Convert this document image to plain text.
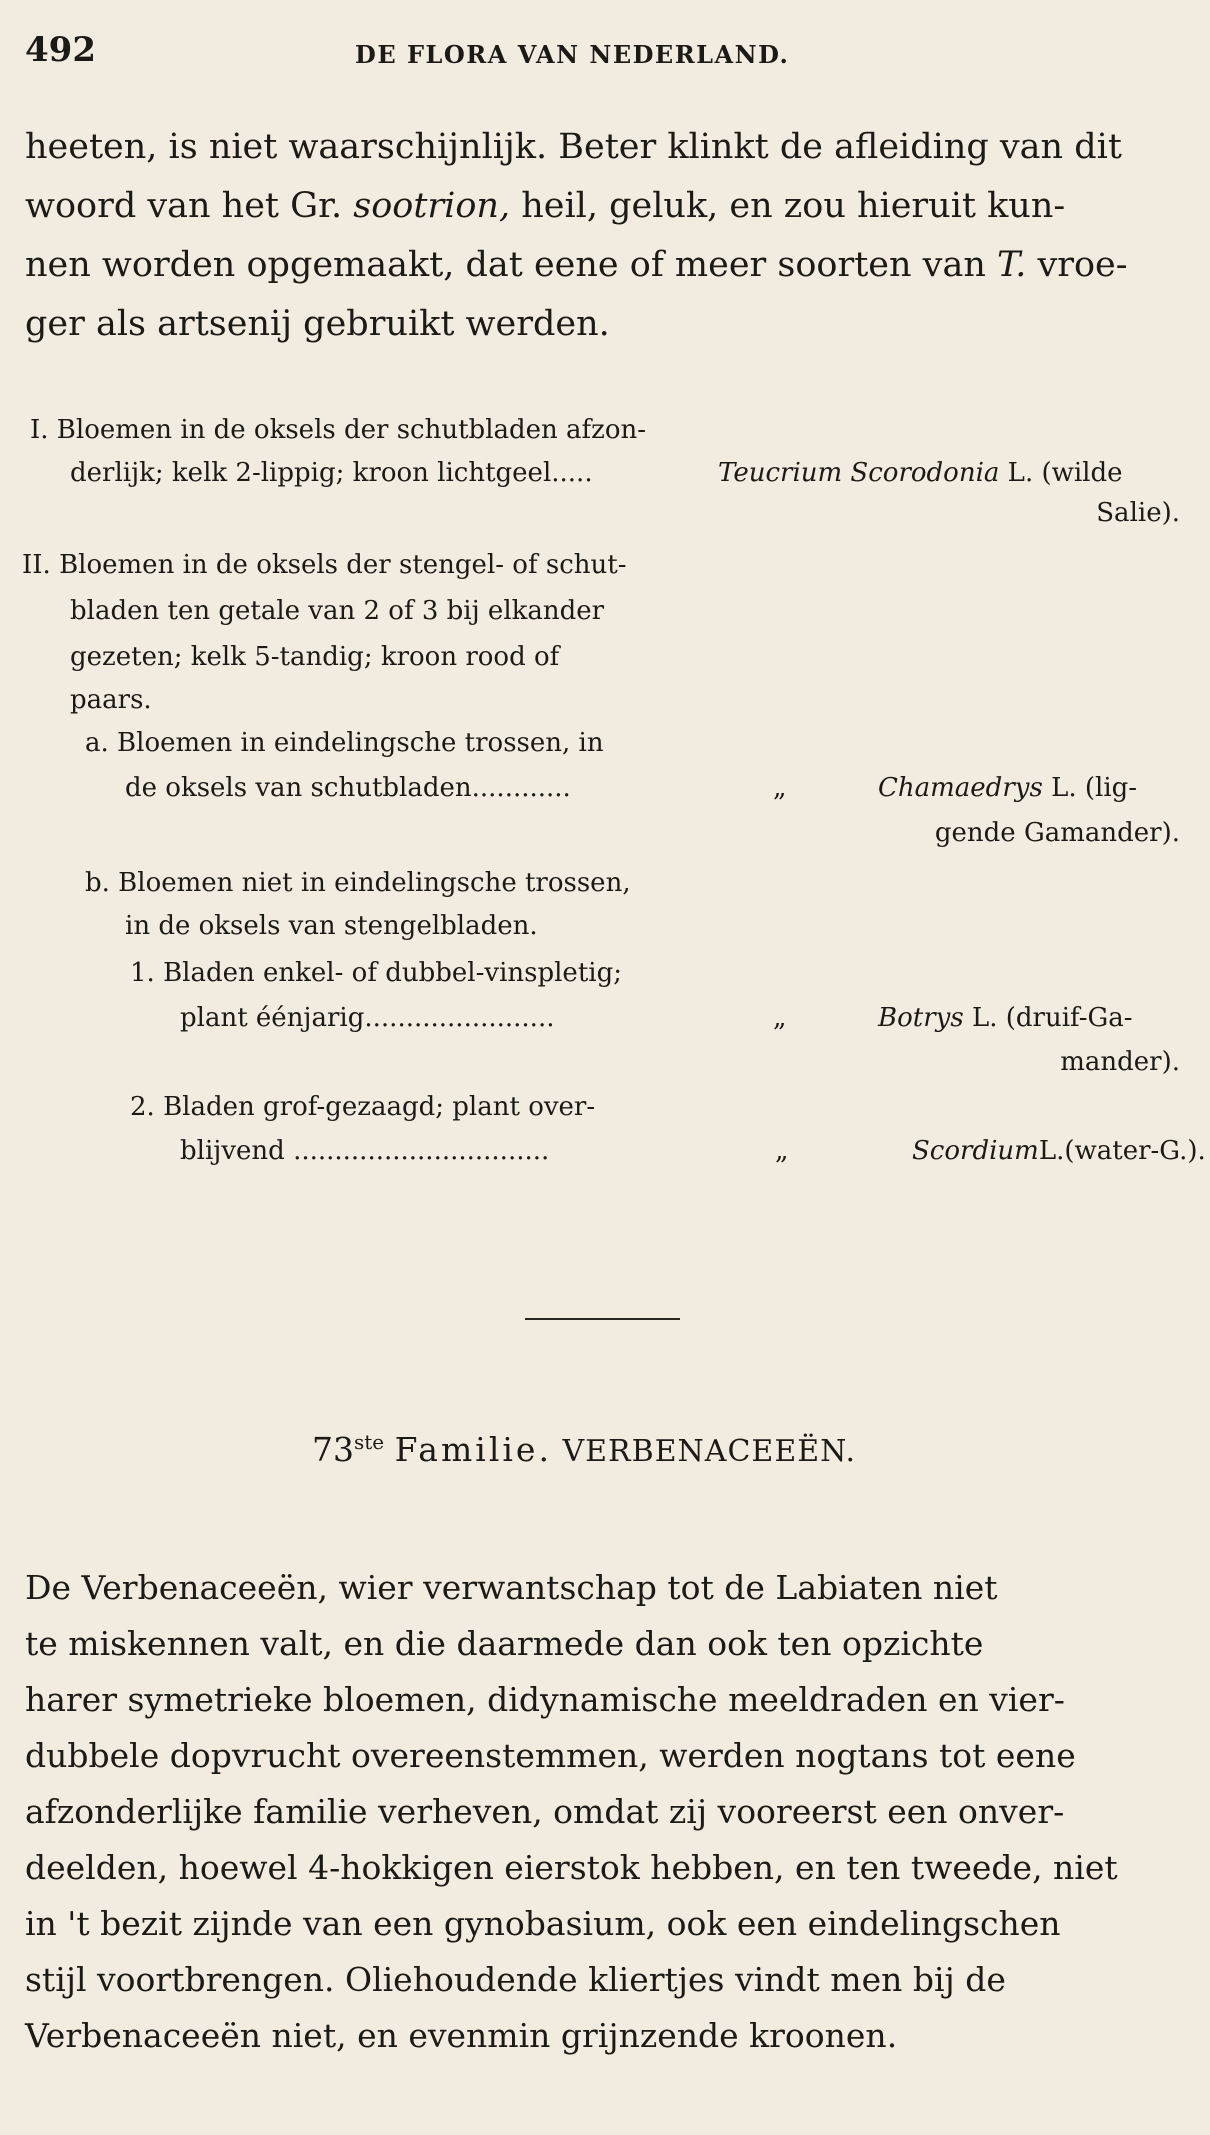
492	DE FLORA VAN NEDERLAND.
heeten, is niet waarschijnlijk. Beter klinkt de afleiding van dit
woord van het Gr. sootrion, heil, geluk, en zou hieruit kun-
nen worden opgemaakt, dat eene of meer soorten van T. vroe-
ger als artsenij gebruikt werden.
I. Bloemen in de oksels der schutbladen afzon-
derlijk; kelk 2-lippig; kroon lichtgeel.....	Teucrium Scorodonia L. (wilde
Salie).
II. Bloemen in de oksels der stengel- of schut-
bladen ten getale van 2 of 3 bij elkander
gezeten; kelk 5-tandig; kroon rood of
paars.
a. Bloemen in eindelingsche trossen, in
de oksels van schutbladen............	„	Chamaedrys L. (lig-
gende Gamander).
b. Bloemen niet in eindelingsche trossen,
in de oksels van stengelbladen.
1. Bladen enkel- of dubbel-vinspletig;
plant éénjarig.......................	„	Botrys L. (druif-Ga-
mander).
2. Bladen grof-gezaagd; plant over-
blijvend ...............................	„	ScordiumL.(water-G.).
73ste Familie. VERBENACEEËN.
De Verbenaceeën, wier verwantschap tot de Labiaten niet
te miskennen valt, en die daarmede dan ook ten opzichte
harer symetrieke bloemen, didynamische meeldraden en vier-
dubbele dopvrucht overeenstemmen, werden nogtans tot eene
afzonderlijke familie verheven, omdat zij vooreerst een onver-
deelden, hoewel 4-hokkigen eierstok hebben, en ten tweede, niet
in 't bezit zijnde van een gynobasium, ook een eindelingschen
stijl voortbrengen. Oliehoudende kliertjes vindt men bij de
Verbenaceeën niet, en evenmin grijnzende kroonen.
